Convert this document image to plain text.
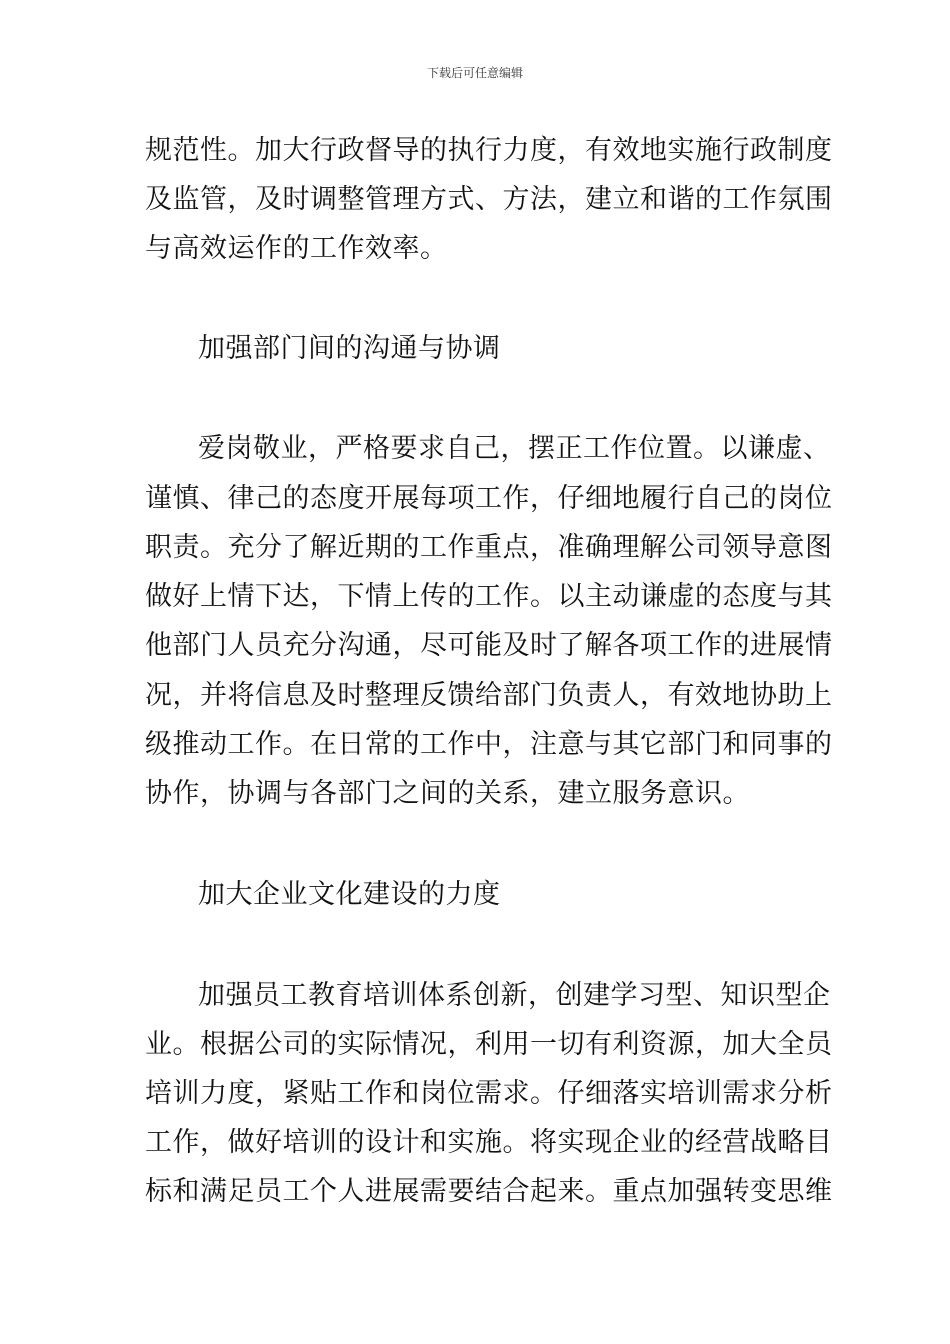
下载后可任意编辑
规范性。加大行政督导的执行力度，有效地实施行政制度
及监管，及时调整管理方式、方法，建立和谐的工作氛围
与高效运作的工作效率。
加强部门间的沟通与协调
爱岗敬业，严格要求自己，摆正工作位置。以谦虚、
谨慎、律己的态度开展每项工作，仔细地履行自己的岗位
职责。充分了解近期的工作重点，准确理解公司领导意图
做好上情下达，下情上传的工作。以主动谦虚的态度与其
他部门人员充分沟通，尽可能及时了解各项工作的进展情
况，并将信息及时整理反馈给部门负责人，有效地协助上
级推动工作。在日常的工作中，注意与其它部门和同事的
协作，协调与各部门之间的关系，建立服务意识。
加大企业文化建设的力度
加强员工教育培训体系创新，创建学习型、知识型企
业。根据公司的实际情况，利用一切有利资源，加大全员
培训力度，紧贴工作和岗位需求。仔细落实培训需求分析
工作，做好培训的设计和实施。将实现企业的经营战略目
标和满足员工个人进展需要结合起来。重点加强转变思维
